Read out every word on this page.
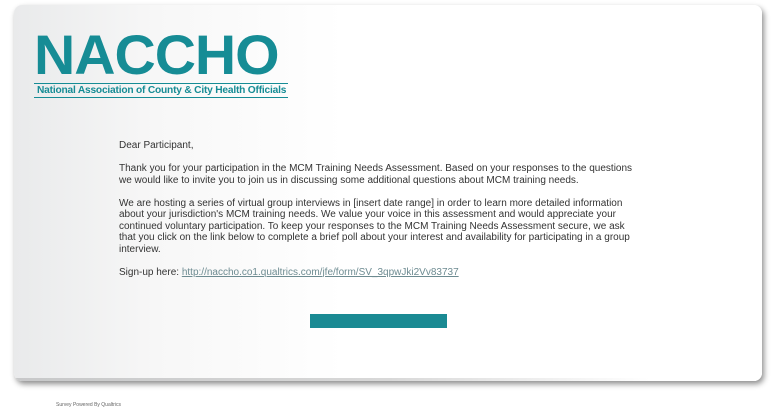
NACCHO
National Association of County & City Health Officials

Dear Participant,

Thank you for your participation in the MCM Training Needs Assessment. Based on your responses to the questions we would like to invite you to join us in discussing some additional questions about MCM training needs.

We are hosting a series of virtual group interviews in [insert date range] in order to learn more detailed information about your jurisdiction's MCM training needs. We value your voice in this assessment and would appreciate your continued voluntary participation. To keep your responses to the MCM Training Needs Assessment secure, we ask that you click on the link below to complete a brief poll about your interest and availability for participating in a group interview.

Sign-up here: http://naccho.co1.qualtrics.com/jfe/form/SV_3qpwJki2Vv83737

Survey Powered By Qualtrics
